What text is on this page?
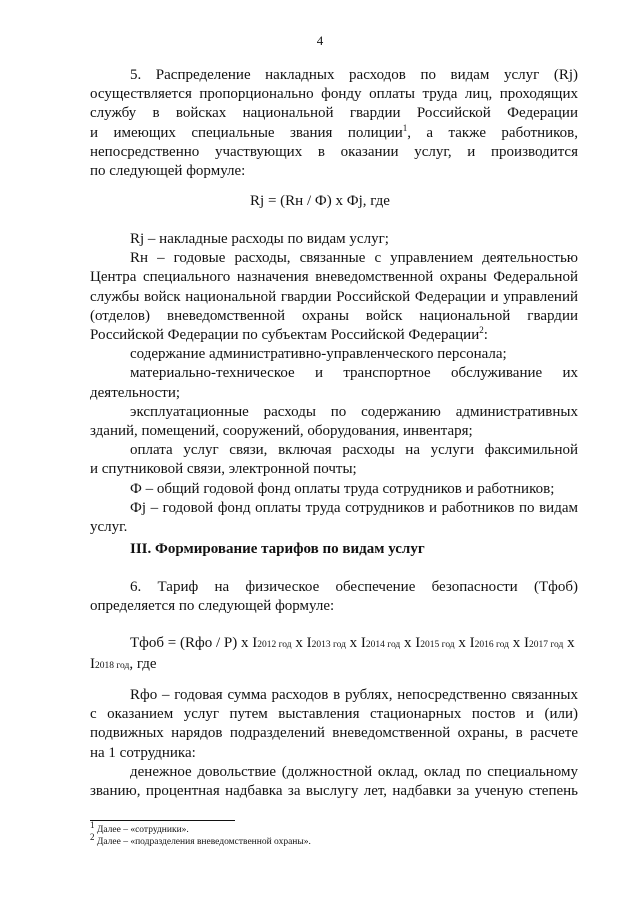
4

5. Распределение накладных расходов по видам услуг (Rj)

осуществляется пропорционально фонду оплаты труда лиц, проходящих

службу в войсках национальной гвардии Российской Федерации

и имеющих специальные звания полиции$^1$, а также работников,

непосредственно участвующих в оказании услуг, и производится

по следующей формуле:

Rj = (Rн / Ф) x Фj, где

Rj – накладные расходы по видам услуг;

Rн – годовые расходы, связанные с управлением деятельностью

Центра специального назначения вневедомственной охраны Федеральной

службы войск национальной гвардии Российской Федерации и управлений

(отделов) вневедомственной охраны войск национальной гвардии

Российской Федерации по субъектам Российской Федерации$^2$:

содержание административно-управленческого персонала;

материально-техническое и транспортное обслуживание их

деятельности;

эксплуатационные расходы по содержанию административных

зданий, помещений, сооружений, оборудования, инвентаря;

оплата услуг связи, включая расходы на услуги факсимильной

и спутниковой связи, электронной почты;

Ф – общий годовой фонд оплаты труда сотрудников и работников;

Фj – годовой фонд оплаты труда сотрудников и работников по видам

услуг.

III. Формирование тарифов по видам услуг

6. Тариф на физическое обеспечение безопасности (Тфоб)

определяется по следующей формуле:

Тфоб = (Rфо / Р) x I2012 год x I2013 год x I2014 год x I2015 год x I2016 год x I2017 год x

I2018 год, где

Rфо – годовая сумма расходов в рублях, непосредственно связанных

с оказанием услуг путем выставления стационарных постов и (или)

подвижных нарядов подразделений вневедомственной охраны, в расчете

на 1 сотрудника:

денежное довольствие (должностной оклад, оклад по специальному

званию, процентная надбавка за выслугу лет, надбавки за ученую степень

$^1$ Далее – «сотрудники».
$^2$ Далее – «подразделения вневедомственной охраны».
